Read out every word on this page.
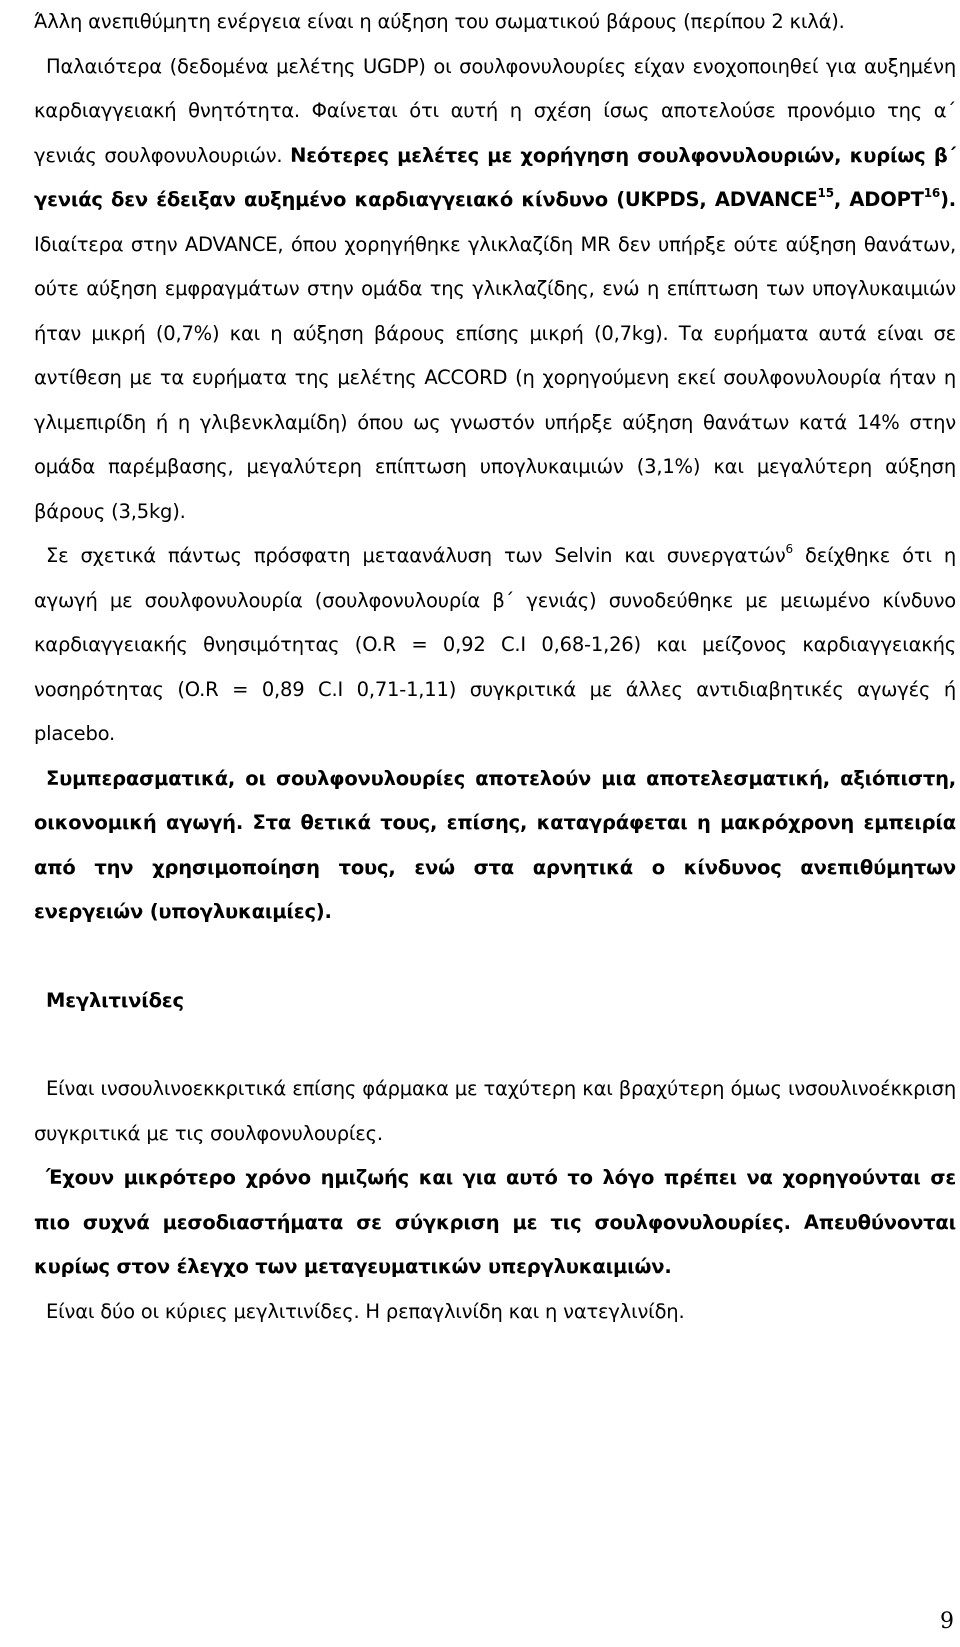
Άλλη ανεπιθύμητη ενέργεια είναι η αύξηση του σωματικού βάρους (περίπου 2 κιλά).

Παλαιότερα (δεδομένα μελέτης UGDP) οι σουλφονυλουρίες είχαν ενοχοποιηθεί για αυξημένη καρδιαγγειακή θνητότητα. Φαίνεται ότι αυτή η σχέση ίσως αποτελούσε προνόμιο της α΄ γενιάς σουλφονυλουριών. Νεότερες μελέτες με χορήγηση σουλφονυλουριών, κυρίως β΄ γενιάς δεν έδειξαν αυξημένο καρδιαγγειακό κίνδυνο (UKPDS, ADVANCE$^{15}$, ADOPT$^{16}$). Ιδιαίτερα στην ADVANCE, όπου χορηγήθηκε γλικλαζίδη MR δεν υπήρξε ούτε αύξηση θανάτων, ούτε αύξηση εμφραγμάτων στην ομάδα της γλικλαζίδης, ενώ η επίπτωση των υπογλυκαιμιών ήταν μικρή (0,7%) και η αύξηση βάρους επίσης μικρή (0,7kg). Τα ευρήματα αυτά είναι σε αντίθεση με τα ευρήματα της μελέτης ACCORD (η χορηγούμενη εκεί σουλφονυλουρία ήταν η γλιμεπιρίδη ή η γλιβενκλαμίδη) όπου ως γνωστόν υπήρξε αύξηση θανάτων κατά 14% στην ομάδα παρέμβασης, μεγαλύτερη επίπτωση υπογλυκαιμιών (3,1%) και μεγαλύτερη αύξηση βάρους (3,5kg).

Σε σχετικά πάντως πρόσφατη μεταανάλυση των Selvin και συνεργατών$^6$ δείχθηκε ότι η αγωγή με σουλφονυλουρία (σουλφονυλουρία β΄ γενιάς) συνοδεύθηκε με μειωμένο κίνδυνο καρδιαγγειακής θνησιμότητας (O.R = 0,92 C.I 0,68-1,26) και μείζονος καρδιαγγειακής νοσηρότητας (O.R = 0,89 C.I 0,71-1,11) συγκριτικά με άλλες αντιδιαβητικές αγωγές ή placebo.

Συμπερασματικά, οι σουλφονυλουρίες αποτελούν μια αποτελεσματική, αξιόπιστη, οικονομική αγωγή. Στα θετικά τους, επίσης, καταγράφεται η μακρόχρονη εμπειρία από την χρησιμοποίηση τους, ενώ στα αρνητικά ο κίνδυνος ανεπιθύμητων ενεργειών (υπογλυκαιμίες).

Μεγλιτινίδες

Είναι ινσουλινοεκκριτικά επίσης φάρμακα με ταχύτερη και βραχύτερη όμως ινσουλινοέκκριση συγκριτικά με τις σουλφονυλουρίες.

Έχουν μικρότερο χρόνο ημιζωής και για αυτό το λόγο πρέπει να χορηγούνται σε πιο συχνά μεσοδιαστήματα σε σύγκριση με τις σουλφονυλουρίες. Απευθύνονται κυρίως στον έλεγχο των μεταγευματικών υπεργλυκαιμιών.

Είναι δύο οι κύριες μεγλιτινίδες. Η ρεπαγλινίδη και η νατεγλινίδη.

9
